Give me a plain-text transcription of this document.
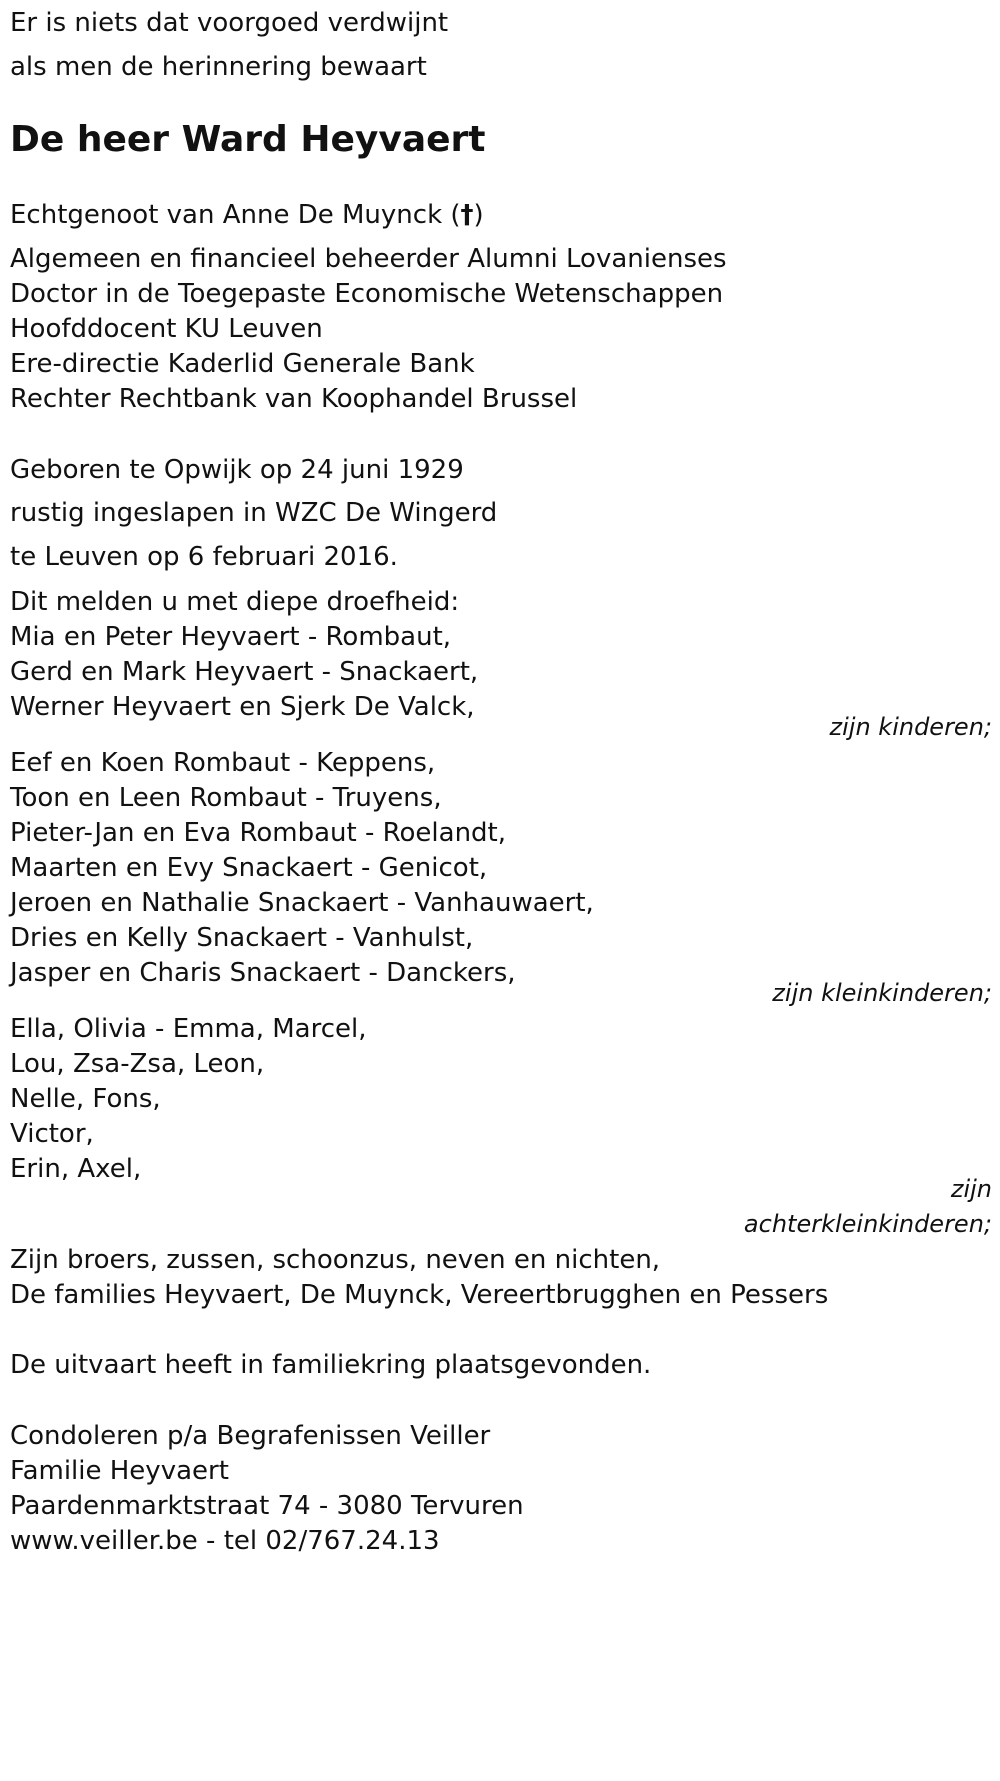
Er is niets dat voorgoed verdwijnt
als men de herinnering bewaart
De heer Ward Heyvaert
Echtgenoot van Anne De Muynck (†)
Algemeen en financieel beheerder Alumni Lovanienses
Doctor in de Toegepaste Economische Wetenschappen
Hoofddocent KU Leuven
Ere-directie Kaderlid Generale Bank
Rechter Rechtbank van Koophandel Brussel
Geboren te Opwijk op 24 juni 1929
rustig ingeslapen in WZC De Wingerd
te Leuven op 6 februari 2016.
Dit melden u met diepe droefheid:
Mia en Peter Heyvaert - Rombaut,
Gerd en Mark Heyvaert - Snackaert,
Werner Heyvaert en Sjerk De Valck,
zijn kinderen;
Eef en Koen Rombaut - Keppens,
Toon en Leen Rombaut - Truyens,
Pieter-Jan en Eva Rombaut - Roelandt,
Maarten en Evy Snackaert - Genicot,
Jeroen en Nathalie Snackaert - Vanhauwaert,
Dries en Kelly Snackaert - Vanhulst,
Jasper en Charis Snackaert - Danckers,
zijn kleinkinderen;
Ella, Olivia - Emma, Marcel,
Lou, Zsa-Zsa, Leon,
Nelle, Fons,
Victor,
Erin, Axel,
zijn
achterkleinkinderen;
Zijn broers, zussen, schoonzus, neven en nichten,
De families Heyvaert, De Muynck, Vereertbrugghen en Pessers
De uitvaart heeft in familiekring plaatsgevonden.
Condoleren p/a Begrafenissen Veiller
Familie Heyvaert
Paardenmarktstraat 74 - 3080 Tervuren
www.veiller.be - tel 02/767.24.13
